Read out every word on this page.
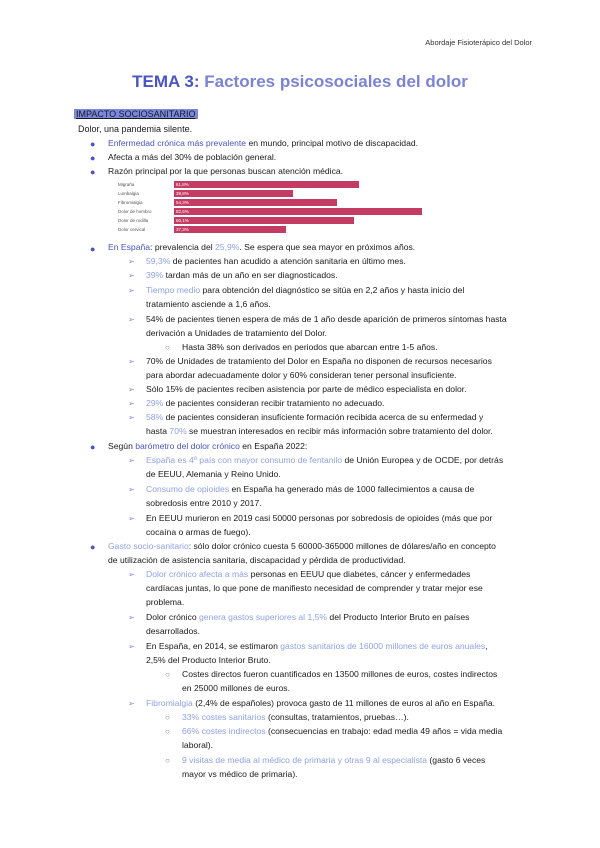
Abordaje Fisioterápico del Dolor
TEMA 3: Factores psicosociales del dolor
IMPACTO SOCIOSANITARIO
Dolor, una pandemia silente.
● Enfermedad crónica más prevalente en mundo, principal motivo de discapacidad.
● Afecta a más del 30% de población general.
● Razón principal por la que personas buscan atención médica.
Migraña	61,8%
Lumbalgia	39,8%
Fibromialgia	54,3%
Dolor de hombro	82,6%
Dolor de rodilla	60,1%
Dolor cervical	37,3%
● En España: prevalencia del 25,9%. Se espera que sea mayor en próximos años.
➢ 59,3% de pacientes han acudido a atención sanitaria en último mes.
➢ 39% tardan más de un año en ser diagnosticados.
➢ Tiempo medio para obtención del diagnóstico se sitúa en 2,2 años y hasta inicio del
tratamiento asciende a 1,6 años.
➢ 54% de pacientes tienen espera de más de 1 año desde aparición de primeros síntomas hasta
derivación a Unidades de tratamiento del Dolor.
○ Hasta 38% son derivados en periodos que abarcan entre 1-5 años.
➢ 70% de Unidades de tratamiento del Dolor en España no disponen de recursos necesarios
para abordar adecuadamente dolor y 60% consideran tener personal insuficiente.
➢ Sólo 15% de pacientes reciben asistencia por parte de médico especialista en dolor.
➢ 29% de pacientes consideran recibir tratamiento no adecuado.
➢ 58% de pacientes consideran insuficiente formación recibida acerca de su enfermedad y
hasta 70% se muestran interesados en recibir más información sobre tratamiento del dolor.
● Según barómetro del dolor crónico en España 2022:
➢ España es 4º país con mayor consumo de fentanilo de Unión Europea y de OCDE, por detrás
de EEUU, Alemania y Reino Unido.
➢ Consumo de opioides en España ha generado más de 1000 fallecimientos a causa de
sobredosis entre 2010 y 2017.
➢ En EEUU murieron en 2019 casi 50000 personas por sobredosis de opioides (más que por
cocaína o armas de fuego).
● Gasto socio-sanitario: sólo dolor crónico cuesta 5 60000-365000 millones de dólares/año en concepto
de utilización de asistencia sanitaria, discapacidad y pérdida de productividad.
➢ Dolor crónico afecta a más personas en EEUU que diabetes, cáncer y enfermedades
cardíacas juntas, lo que pone de manifiesto necesidad de comprender y tratar mejor ese
problema.
➢ Dolor crónico genera gastos superiores al 1,5% del Producto Interior Bruto en países
desarrollados.
➢ En España, en 2014, se estimaron gastos sanitarios de 16000 millones de euros anuales,
2,5% del Producto Interior Bruto.
○ Costes directos fueron cuantificados en 13500 millones de euros, costes indirectos
en 25000 millones de euros.
➢ Fibromialgia (2,4% de españoles) provoca gasto de 11 millones de euros al año en España.
○ 33% costes sanitarios (consultas, tratamientos, pruebas…).
○ 66% costes indirectos (consecuencias en trabajo: edad media 49 años = vida media
laboral).
○ 9 visitas de media al médico de primaria y otras 9 al especialista (gasto 6 veces
mayor vs médico de primaria).
